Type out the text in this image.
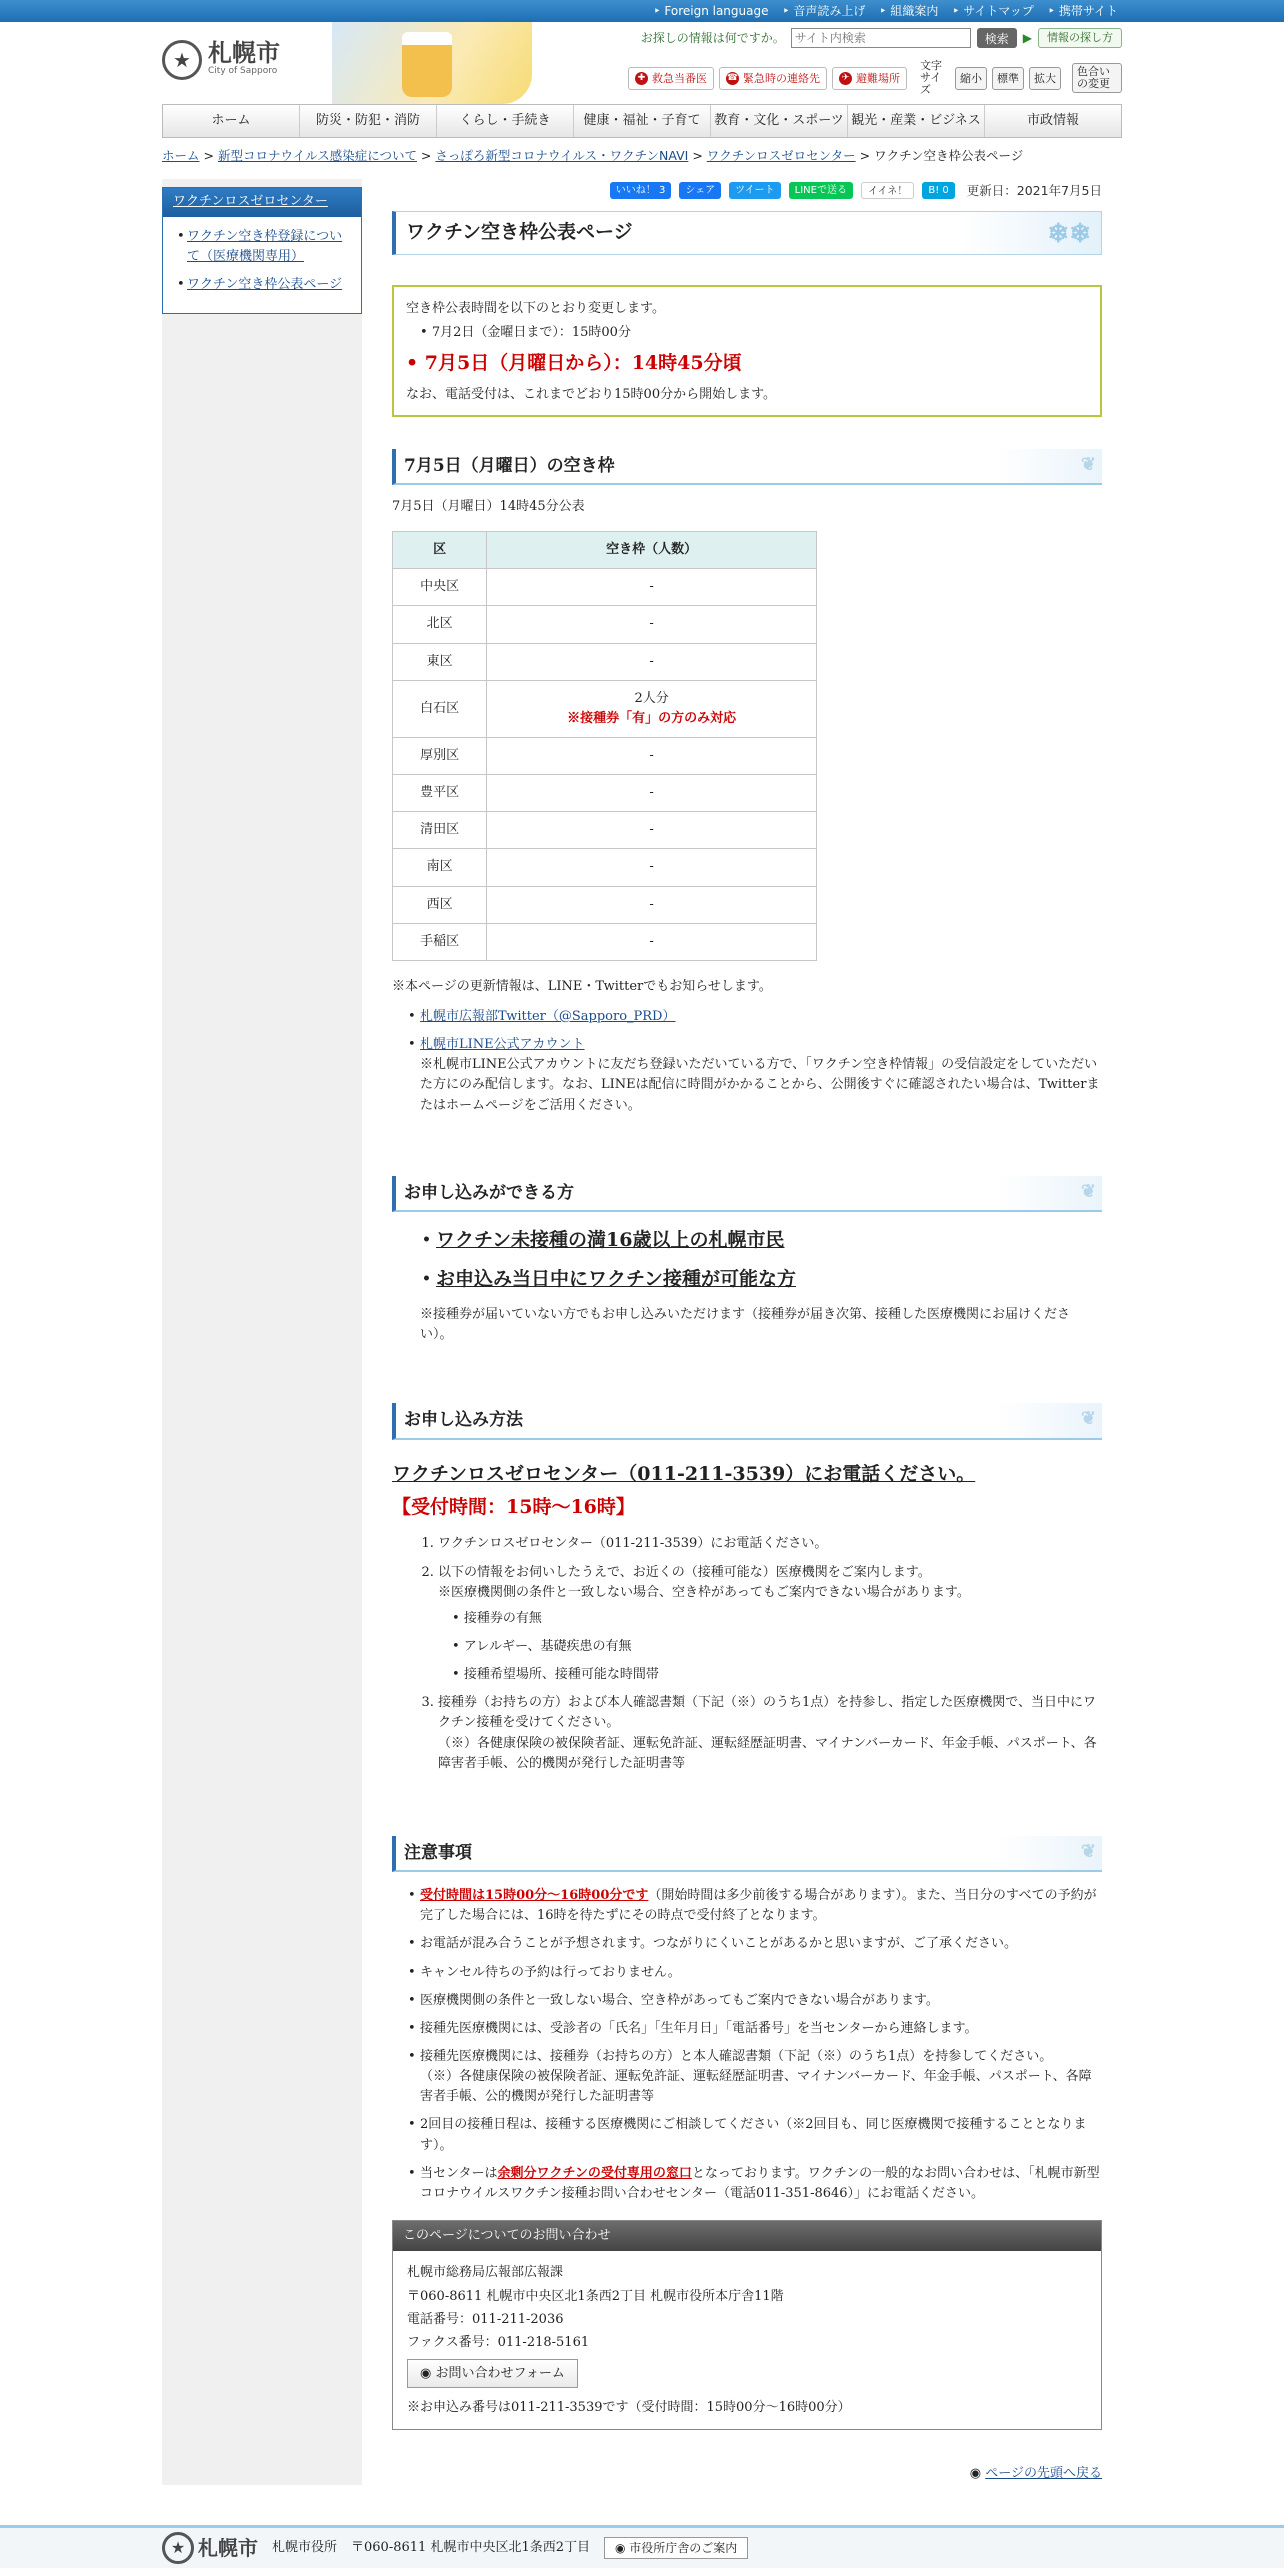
‣ Foreign language	‣ 音声読み上げ	‣ 組織案内	‣ サイトマップ	‣ 携帯サイト
★ 札幌市
City of Sapporo
お探しの情報は何ですか。
サイト内検索	検索	▶	情報の探し方
✚ 救急当番医 ☎ 緊急時の連絡先	✈ 避難場所
文字サイズ
縮小	標準	拡大
色合いの変更
ホーム	防災・防犯・消防	くらし・手続き	健康・福祉・子育て	教育・文化・スポーツ 観光・産業・ビジネス	市政情報
ホーム > 新型コロナウイルス感染症について > さっぽろ新型コロナウイルス・ワクチンNAVI > ワクチンロスゼロセンター > ワクチン空き枠公表ページ
ワクチンロスゼロセンター
• ワクチン空き枠登録について（医療機関専用）
• ワクチン空き枠公表ページ
いいね！ 3	シェア	ツイート	LINEで送る	イイネ！	B! 0	更新日：2021年7月5日
ワクチン空き枠公表ページ	❄❄
空き枠公表時間を以下のとおり変更します。
• 7月2日（金曜日まで）：15時00分
• 7月5日（月曜日から）：14時45分頃
なお、電話受付は、これまでどおり15時00分から開始します。
7月5日（月曜日）の空き枠	❦
7月5日（月曜日）14時45分公表
区	空き枠（人数）
中央区	-
北区	-
東区	-
白石区	2人分
※接種券「有」の方のみ対応

厚別区	-
豊平区	-
清田区	-
南区	-
西区	-
手稲区	-
※本ページの更新情報は、LINE・Twitterでもお知らせします。
• 札幌市広報部Twitter（@Sapporo_PRD）
• 札幌市LINE公式アカウント
※札幌市LINE公式アカウントに友だち登録いただいている方で、「ワクチン空き枠情報」の受信設定をしていただいた方にのみ配信します。なお、LINEは配信に時間がかかることから、公開後すぐに確認されたい場合は、Twitterまたはホームページをご活用ください。
お申し込みができる方	❦
• ワクチン未接種の満16歳以上の札幌市民
• お申込み当日中にワクチン接種が可能な方
※接種券が届いていない方でもお申し込みいただけます（接種券が届き次第、接種した医療機関にお届けください）。
お申し込み方法	❦
ワクチンロスゼロセンター（011-211-3539）にお電話ください。
【受付時間：15時～16時】
1. ワクチンロスゼロセンター（011-211-3539）にお電話ください。
2. 以下の情報をお伺いしたうえで、お近くの（接種可能な）医療機関をご案内します。
※医療機関側の条件と一致しない場合、空き枠があってもご案内できない場合があります。
• 接種券の有無
• アレルギー、基礎疾患の有無
• 接種希望場所、接種可能な時間帯
3. 接種券（お持ちの方）および本人確認書類（下記（※）のうち1点）を持参し、指定した医療機関で、当日中にワクチン接種を受けてください。
（※）各健康保険の被保険者証、運転免許証、運転経歴証明書、マイナンバーカード、年金手帳、パスポート、各障害者手帳、公的機関が発行した証明書等
注意事項	❦
• 受付時間は15時00分～16時00分です（開始時間は多少前後する場合があります）。また、当日分のすべての予約が完了した場合には、16時を待たずにその時点で受付終了となります。
• お電話が混み合うことが予想されます。つながりにくいことがあるかと思いますが、ご了承ください。
• キャンセル待ちの予約は行っておりません。
• 医療機関側の条件と一致しない場合、空き枠があってもご案内できない場合があります。
• 接種先医療機関には、受診者の「氏名」「生年月日」「電話番号」を当センターから連絡します。
• 接種先医療機関には、接種券（お持ちの方）と本人確認書類（下記（※）のうち1点）を持参してください。
（※）各健康保険の被保険者証、運転免許証、運転経歴証明書、マイナンバーカード、年金手帳、パスポート、各障害者手帳、公的機関が発行した証明書等
• 2回目の接種日程は、接種する医療機関にご相談してください（※2回目も、同じ医療機関で接種することとなります）。
• 当センターは余剰分ワクチンの受付専用の窓口となっております。ワクチンの一般的なお問い合わせは、「札幌市新型コロナウイルスワクチン接種お問い合わせセンター（電話011-351-8646）」にお電話ください。
このページについてのお問い合わせ
札幌市総務局広報部広報課
〒060-8611 札幌市中央区北1条西2丁目 札幌市役所本庁舎11階
電話番号：011-211-2036
ファクス番号：011-218-5161
◉ お問い合わせフォーム
※お申込み番号は011-211-3539です（受付時間：15時00分～16時00分）
◉ ページの先頭へ戻る
★ 札幌市 札幌市役所 〒060-8611 札幌市中央区北1条西2丁目	◉ 市役所庁舎のご案内
